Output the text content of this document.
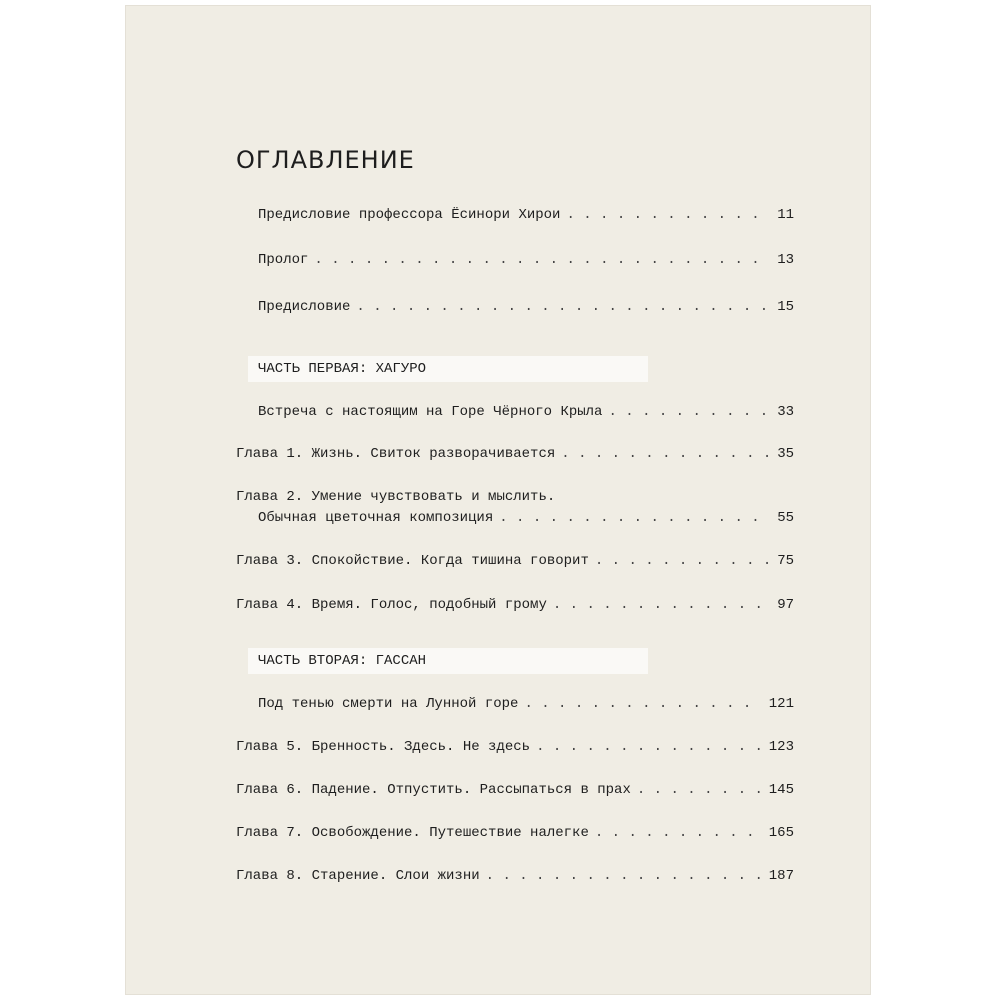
ОГЛАВЛЕНИЕ
Предисловие профессора Ёсинори Хирои . . .	11
Пролог . . .	13
Предисловие . . .	15
ЧАСТЬ ПЕРВАЯ: ХАГУРО
Встреча с настоящим на Горе Чёрного Крыла . . .	33
Глава 1. Жизнь. Свиток разворачивается . . .	35
Глава 2. Умение чувствовать и мыслить.
Обычная цветочная композиция . . .	55
Глава 3. Спокойствие. Когда тишина говорит . . .	75
Глава 4. Время. Голос, подобный грому . . .	97
ЧАСТЬ ВТОРАЯ: ГАССАН
Под тенью смерти на Лунной горе . . .	121
Глава 5. Бренность. Здесь. Не здесь . . .	123
Глава 6. Падение. Отпустить. Рассыпаться в прах . . .	145
Глава 7. Освобождение. Путешествие налегке . . .	165
Глава 8. Старение. Слои жизни . . .	187
